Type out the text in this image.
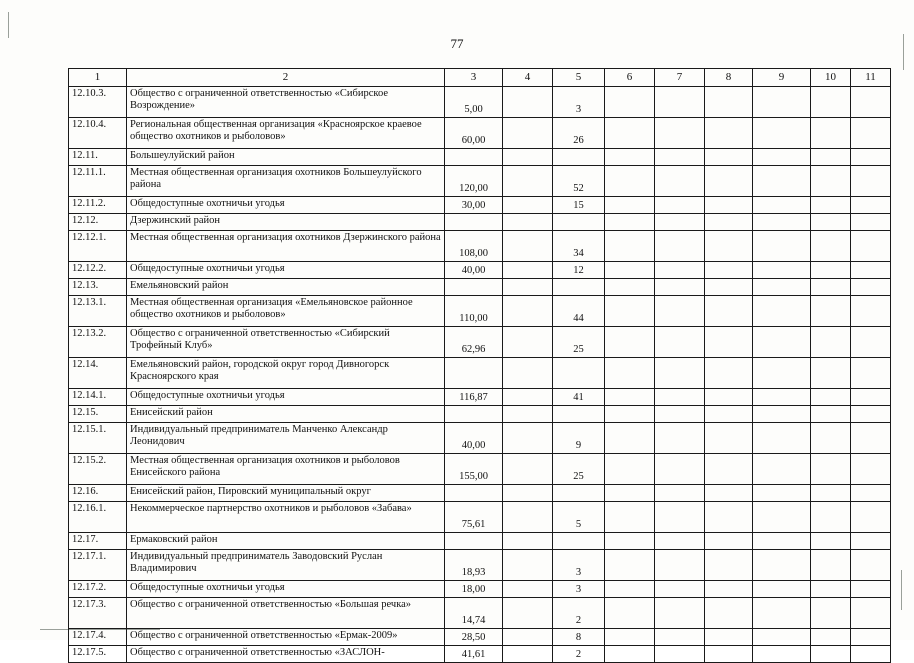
77
1	2	3	4	5	6	7	8	9	10	11
12.10.3.	Общество с ограниченной ответственностью «Сибирское Возрождение»	5,00		3						
12.10.4.	Региональная общественная организация «Красноярское краевое общество охотников и рыболовов»	60,00		26						
12.11.	Большеулуйский район									
12.11.1.	Местная общественная организация охотников Большеулуйского района	120,00		52						
12.11.2.	Общедоступные охотничьи угодья	30,00		15						
12.12.	Дзержинский район									
12.12.1.	Местная общественная организация охотников Дзержинского района	108,00		34						
12.12.2.	Общедоступные охотничьи угодья	40,00		12						
12.13.	Емельяновский район									
12.13.1.	Местная общественная организация «Емельяновское районное общество охотников и рыболовов»	110,00		44						
12.13.2.	Общество с ограниченной ответственностью «Сибирский Трофейный Клуб»	62,96		25						
12.14.	Емельяновский район, городской округ город Дивногорск Красноярского края									
12.14.1.	Общедоступные охотничьи угодья	116,87		41						
12.15.	Енисейский район									
12.15.1.	Индивидуальный предприниматель Манченко Александр Леонидович	40,00		9						
12.15.2.	Местная общественная организация охотников и рыболовов Енисейского района	155,00		25						
12.16.	Енисейский район, Пировский муниципальный округ									
12.16.1.	Некоммерческое партнерство охотников и рыболовов «Забава»	75,61		5						
12.17.	Ермаковский район									
12.17.1.	Индивидуальный предприниматель Заводовский Руслан Владимирович	18,93		3						
12.17.2.	Общедоступные охотничьи угодья	18,00		3						
12.17.3.	Общество с ограниченной ответственностью «Большая речка»	14,74		2						
12.17.4.	Общество с ограниченной ответственностью «Ермак-2009»	28,50		8						
12.17.5.	Общество с ограниченной ответственностью «ЗАСЛОН-	41,61		2						
